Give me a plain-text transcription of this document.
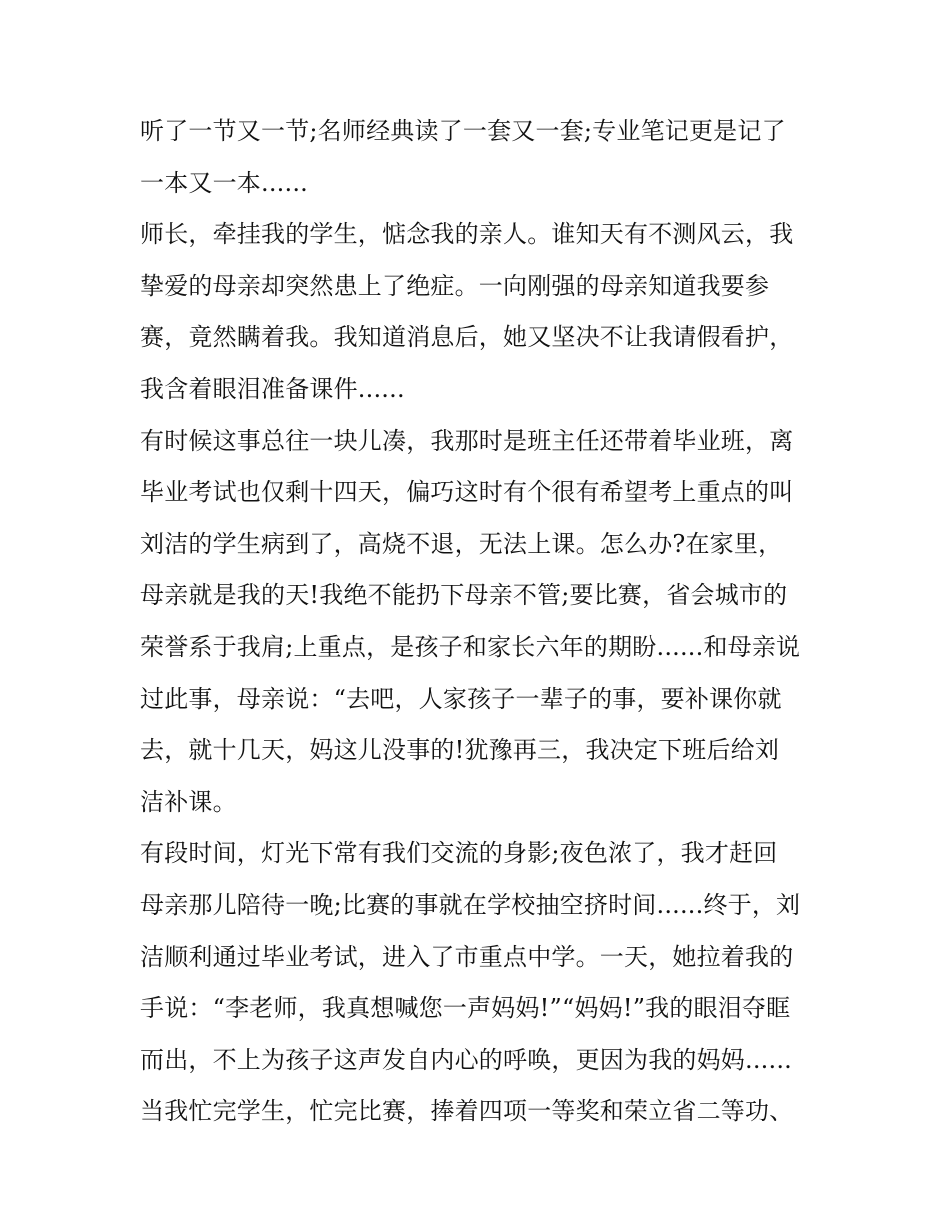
听了一节又一节;名师经典读了一套又一套;专业笔记更是记了
一本又一本......
师长，牵挂我的学生，惦念我的亲人。谁知天有不测风云，我
挚爱的母亲却突然患上了绝症。一向刚强的母亲知道我要参
赛，竟然瞒着我。我知道消息后，她又坚决不让我请假看护，
我含着眼泪准备课件......
有时候这事总往一块儿凑，我那时是班主任还带着毕业班，离
毕业考试也仅剩十四天，偏巧这时有个很有希望考上重点的叫
刘洁的学生病到了，高烧不退，无法上课。怎么办?在家里，
母亲就是我的天!我绝不能扔下母亲不管;要比赛，省会城市的
荣誉系于我肩;上重点，是孩子和家长六年的期盼......和母亲说
过此事，母亲说：“去吧，人家孩子一辈子的事，要补课你就
去，就十几天，妈这儿没事的!犹豫再三，我决定下班后给刘
洁补课。
有段时间，灯光下常有我们交流的身影;夜色浓了，我才赶回
母亲那儿陪待一晚;比赛的事就在学校抽空挤时间......终于，刘
洁顺利通过毕业考试，进入了市重点中学。一天，她拉着我的
手说：“李老师，我真想喊您一声妈妈!”“妈妈!”我的眼泪夺眶
而出，不上为孩子这声发自内心的呼唤，更因为我的妈妈......
当我忙完学生，忙完比赛，捧着四项一等奖和荣立省二等功、
